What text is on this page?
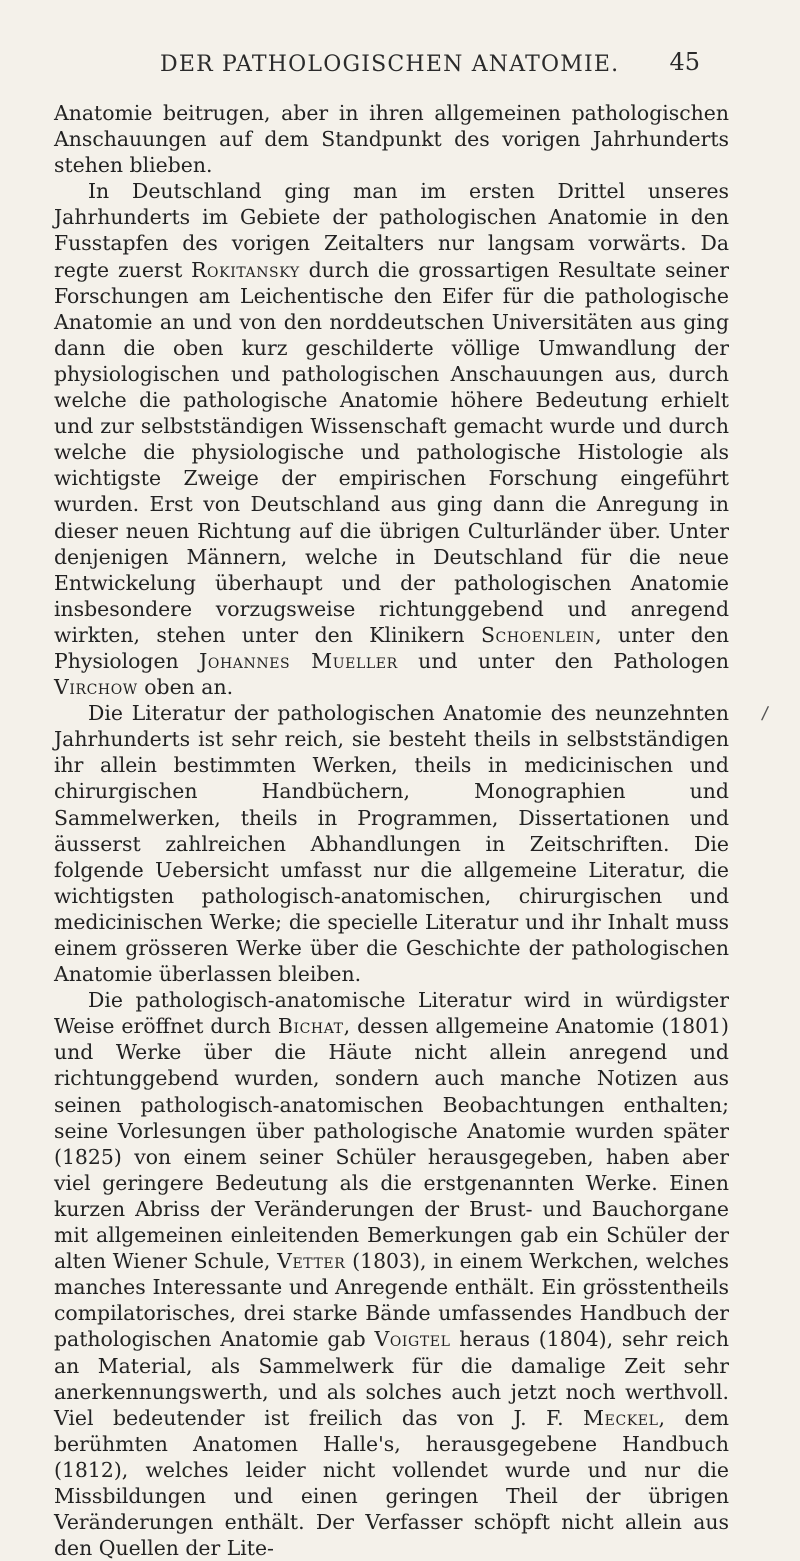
DER PATHOLOGISCHEN ANATOMIE. 45

Anatomie beitrugen, aber in ihren allgemeinen pathologischen Anschauungen auf dem Standpunkt des vorigen Jahrhunderts stehen blieben.

In Deutschland ging man im ersten Drittel unseres Jahrhunderts im Gebiete der pathologischen Anatomie in den Fusstapfen des vorigen Zeitalters nur langsam vorwärts. Da regte zuerst Rokitansky durch die grossartigen Resultate seiner Forschungen am Leichentische den Eifer für die pathologische Anatomie an und von den norddeutschen Universitäten aus ging dann die oben kurz geschilderte völlige Umwandlung der physiologischen und pathologischen Anschauungen aus, durch welche die pathologische Anatomie höhere Bedeutung erhielt und zur selbstständigen Wissenschaft gemacht wurde und durch welche die physiologische und pathologische Histologie als wichtigste Zweige der empirischen Forschung eingeführt wurden. Erst von Deutschland aus ging dann die Anregung in dieser neuen Richtung auf die übrigen Culturländer über. Unter denjenigen Männern, welche in Deutschland für die neue Entwickelung überhaupt und der pathologischen Anatomie insbesondere vorzugsweise richtunggebend und anregend wirkten, stehen unter den Klinikern Schoenlein, unter den Physiologen Johannes Mueller und unter den Pathologen Virchow oben an.

Die Literatur der pathologischen Anatomie des neunzehnten Jahrhunderts ist sehr reich, sie besteht theils in selbstständigen ihr allein bestimmten Werken, theils in medicinischen und chirurgischen Handbüchern, Monographien und Sammelwerken, theils in Programmen, Dissertationen und äusserst zahlreichen Abhandlungen in Zeitschriften. Die folgende Uebersicht umfasst nur die allgemeine Literatur, die wichtigsten pathologisch-anatomischen, chirurgischen und medicinischen Werke; die specielle Literatur und ihr Inhalt muss einem grösseren Werke über die Geschichte der pathologischen Anatomie überlassen bleiben.

Die pathologisch-anatomische Literatur wird in würdigster Weise eröffnet durch Bichat, dessen allgemeine Anatomie (1801) und Werke über die Häute nicht allein anregend und richtunggebend wurden, sondern auch manche Notizen aus seinen pathologisch-anatomischen Beobachtungen enthalten; seine Vorlesungen über pathologische Anatomie wurden später (1825) von einem seiner Schüler herausgegeben, haben aber viel geringere Bedeutung als die erstgenannten Werke. Einen kurzen Abriss der Veränderungen der Brust- und Bauchorgane mit allgemeinen einleitenden Bemerkungen gab ein Schüler der alten Wiener Schule, Vetter (1803), in einem Werkchen, welches manches Interessante und Anregende enthält. Ein grösstentheils compilatorisches, drei starke Bände umfassendes Handbuch der pathologischen Anatomie gab Voigtel heraus (1804), sehr reich an Material, als Sammelwerk für die damalige Zeit sehr anerkennungswerth, und als solches auch jetzt noch werthvoll. Viel bedeutender ist freilich das von J. F. Meckel, dem berühmten Anatomen Halle's, herausgegebene Handbuch (1812), welches leider nicht vollendet wurde und nur die Missbildungen und einen geringen Theil der übrigen Veränderungen enthält. Der Verfasser schöpft nicht allein aus den Quellen der Lite-

/
